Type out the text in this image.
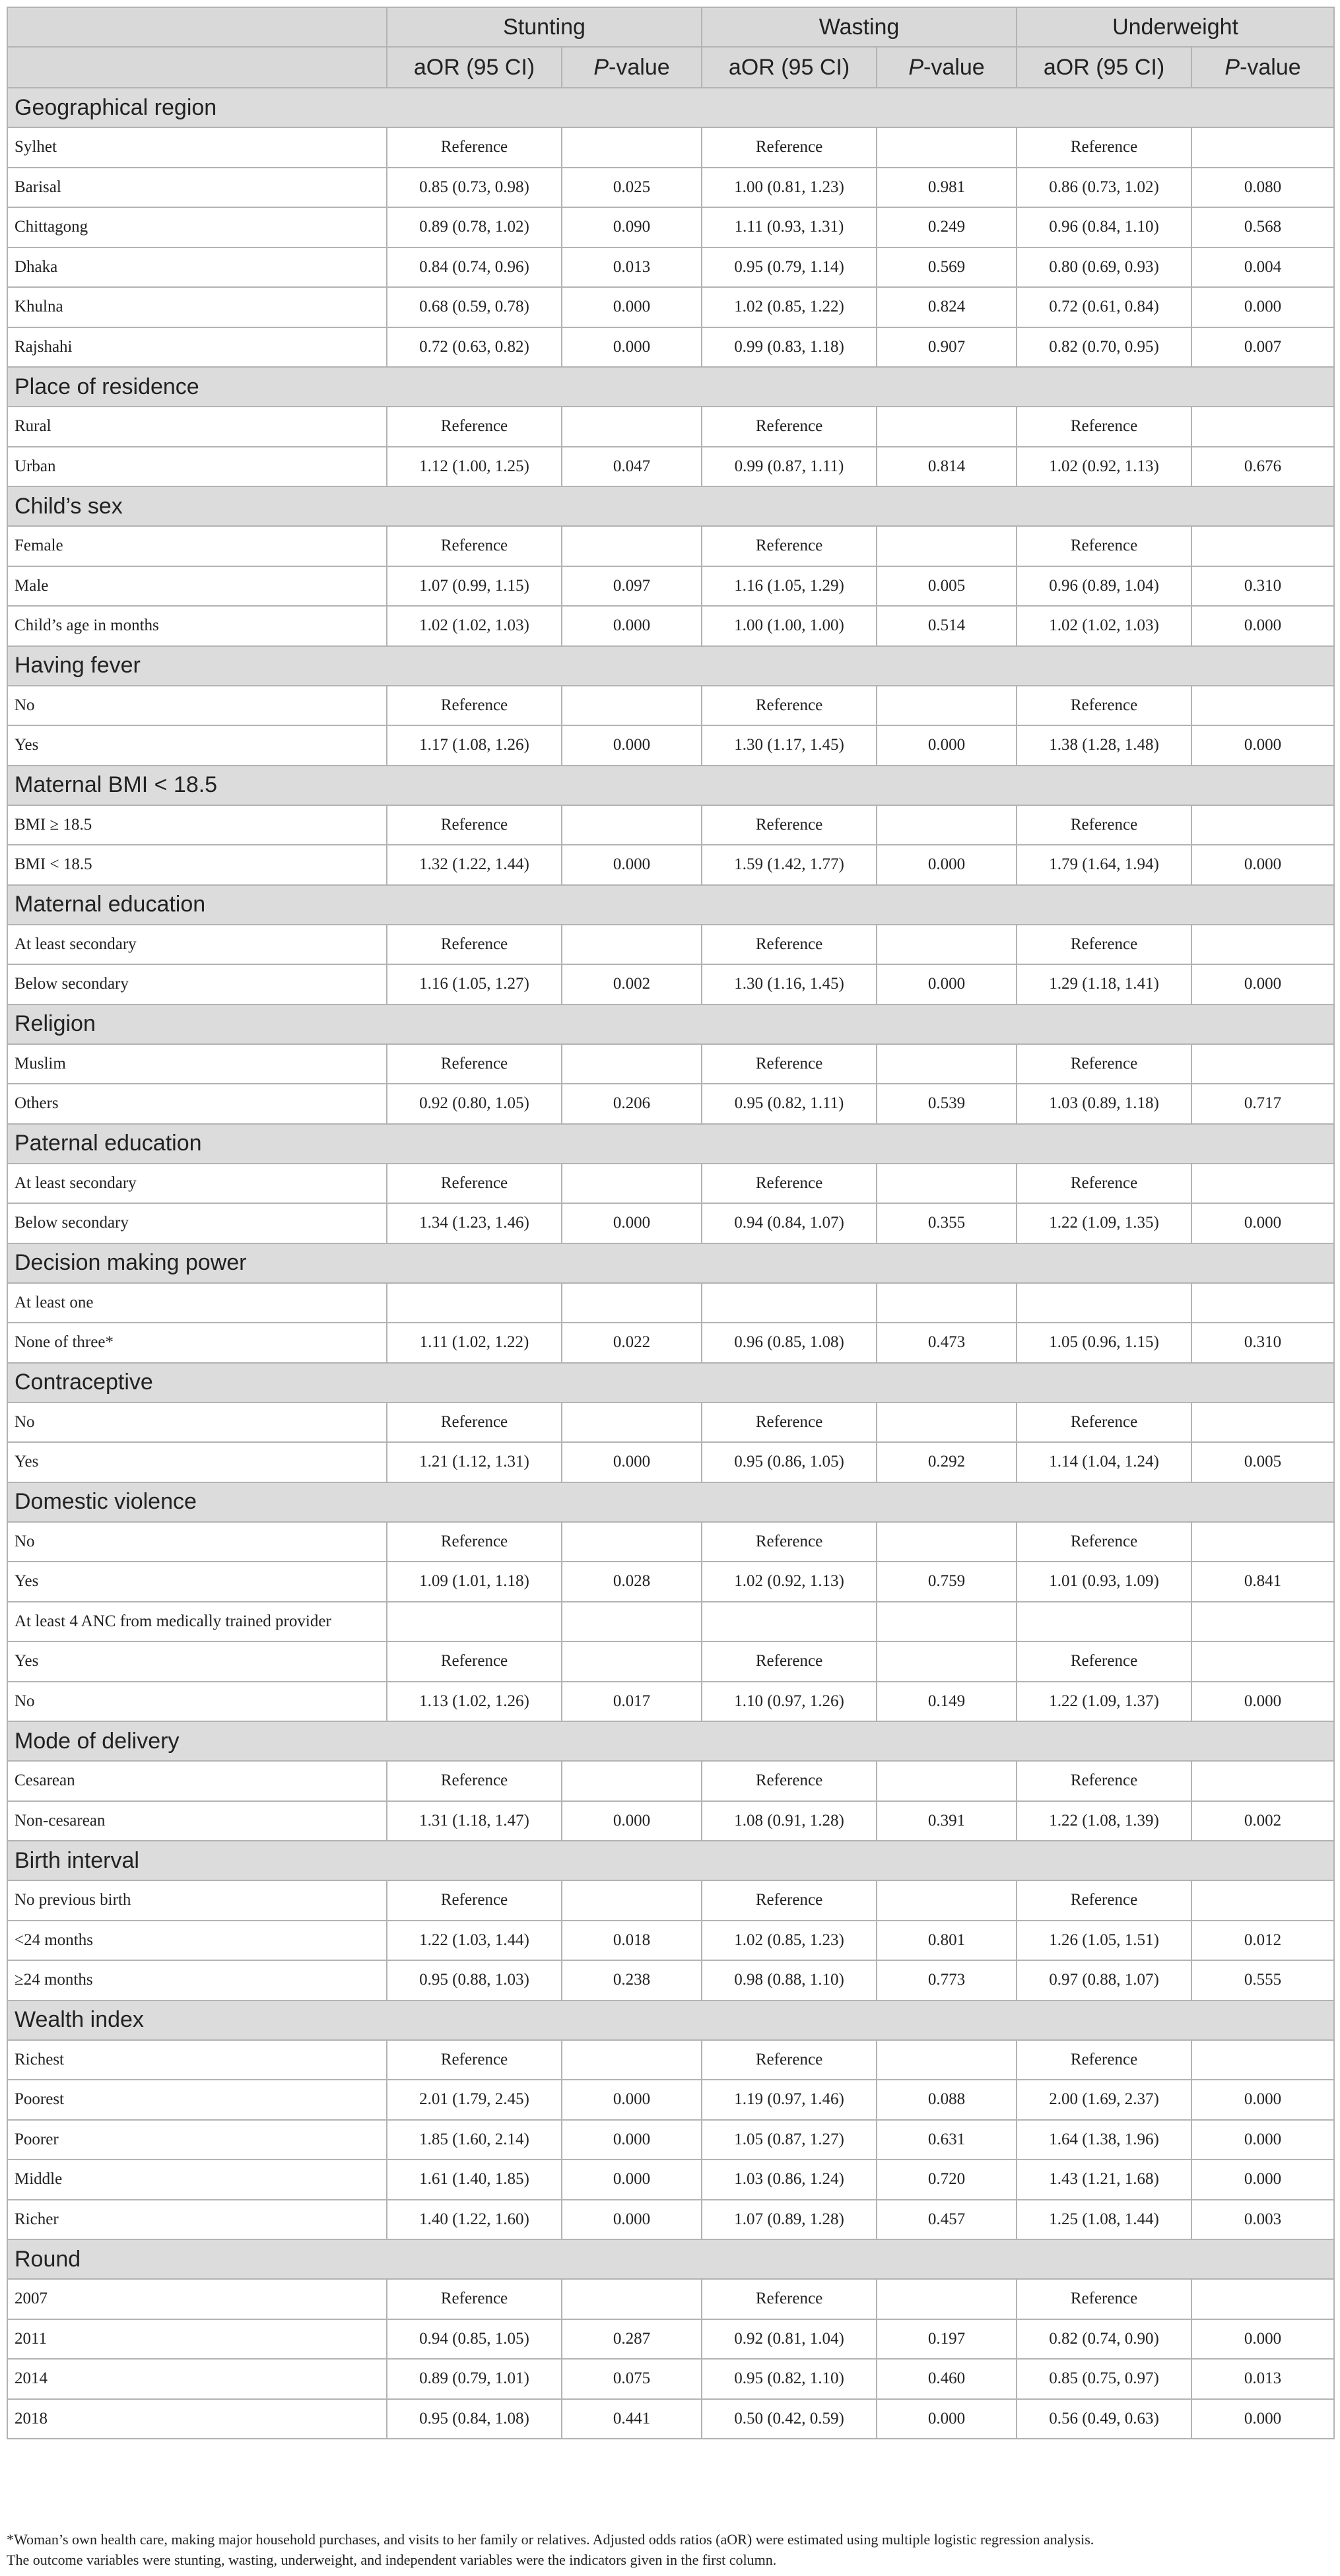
	Stunting		Wasting		Underweight	
	aOR (95 CI)	P-value	aOR (95 CI)	P-value	aOR (95 CI)	P-value
Geographical region						
Sylhet	Reference		Reference		Reference	
Barisal	0.85 (0.73, 0.98)	0.025	1.00 (0.81, 1.23)	0.981	0.86 (0.73, 1.02)	0.080
Chittagong	0.89 (0.78, 1.02)	0.090	1.11 (0.93, 1.31)	0.249	0.96 (0.84, 1.10)	0.568
Dhaka	0.84 (0.74, 0.96)	0.013	0.95 (0.79, 1.14)	0.569	0.80 (0.69, 0.93)	0.004
Khulna	0.68 (0.59, 0.78)	0.000	1.02 (0.85, 1.22)	0.824	0.72 (0.61, 0.84)	0.000
Rajshahi	0.72 (0.63, 0.82)	0.000	0.99 (0.83, 1.18)	0.907	0.82 (0.70, 0.95)	0.007
Place of residence						
Rural	Reference		Reference		Reference	
Urban	1.12 (1.00, 1.25)	0.047	0.99 (0.87, 1.11)	0.814	1.02 (0.92, 1.13)	0.676
Child’s sex						
Female	Reference		Reference		Reference	
Male	1.07 (0.99, 1.15)	0.097	1.16 (1.05, 1.29)	0.005	0.96 (0.89, 1.04)	0.310
Child’s age in months	1.02 (1.02, 1.03)	0.000	1.00 (1.00, 1.00)	0.514	1.02 (1.02, 1.03)	0.000
Having fever						
No	Reference		Reference		Reference	
Yes	1.17 (1.08, 1.26)	0.000	1.30 (1.17, 1.45)	0.000	1.38 (1.28, 1.48)	0.000
Maternal BMI < 18.5						
BMI ≥ 18.5	Reference		Reference		Reference	
BMI < 18.5	1.32 (1.22, 1.44)	0.000	1.59 (1.42, 1.77)	0.000	1.79 (1.64, 1.94)	0.000
Maternal education						
At least secondary	Reference		Reference		Reference	
Below secondary	1.16 (1.05, 1.27)	0.002	1.30 (1.16, 1.45)	0.000	1.29 (1.18, 1.41)	0.000
Religion						
Muslim	Reference		Reference		Reference	
Others	0.92 (0.80, 1.05)	0.206	0.95 (0.82, 1.11)	0.539	1.03 (0.89, 1.18)	0.717
Paternal education						
At least secondary	Reference		Reference		Reference	
Below secondary	1.34 (1.23, 1.46)	0.000	0.94 (0.84, 1.07)	0.355	1.22 (1.09, 1.35)	0.000
Decision making power						
At least one						
None of three*	1.11 (1.02, 1.22)	0.022	0.96 (0.85, 1.08)	0.473	1.05 (0.96, 1.15)	0.310
Contraceptive						
No	Reference		Reference		Reference	
Yes	1.21 (1.12, 1.31)	0.000	0.95 (0.86, 1.05)	0.292	1.14 (1.04, 1.24)	0.005
Domestic violence						
No	Reference		Reference		Reference	
Yes	1.09 (1.01, 1.18)	0.028	1.02 (0.92, 1.13)	0.759	1.01 (0.93, 1.09)	0.841
At least 4 ANC from medically trained provider						
Yes	Reference		Reference		Reference	
No	1.13 (1.02, 1.26)	0.017	1.10 (0.97, 1.26)	0.149	1.22 (1.09, 1.37)	0.000
Mode of delivery						
Cesarean	Reference		Reference		Reference	
Non-cesarean	1.31 (1.18, 1.47)	0.000	1.08 (0.91, 1.28)	0.391	1.22 (1.08, 1.39)	0.002
Birth interval						
No previous birth	Reference		Reference		Reference	
<24 months	1.22 (1.03, 1.44)	0.018	1.02 (0.85, 1.23)	0.801	1.26 (1.05, 1.51)	0.012
≥24 months	0.95 (0.88, 1.03)	0.238	0.98 (0.88, 1.10)	0.773	0.97 (0.88, 1.07)	0.555
Wealth index						
Richest	Reference		Reference		Reference	
Poorest	2.01 (1.79, 2.45)	0.000	1.19 (0.97, 1.46)	0.088	2.00 (1.69, 2.37)	0.000
Poorer	1.85 (1.60, 2.14)	0.000	1.05 (0.87, 1.27)	0.631	1.64 (1.38, 1.96)	0.000
Middle	1.61 (1.40, 1.85)	0.000	1.03 (0.86, 1.24)	0.720	1.43 (1.21, 1.68)	0.000
Richer	1.40 (1.22, 1.60)	0.000	1.07 (0.89, 1.28)	0.457	1.25 (1.08, 1.44)	0.003
Round						
2007	Reference		Reference		Reference	
2011	0.94 (0.85, 1.05)	0.287	0.92 (0.81, 1.04)	0.197	0.82 (0.74, 0.90)	0.000
2014	0.89 (0.79, 1.01)	0.075	0.95 (0.82, 1.10)	0.460	0.85 (0.75, 0.97)	0.013
2018	0.95 (0.84, 1.08)	0.441	0.50 (0.42, 0.59)	0.000	0.56 (0.49, 0.63)	0.000
*Woman’s own health care, making major household purchases, and visits to her family or relatives. Adjusted odds ratios (aOR) were estimated using multiple logistic regression analysis.
The outcome variables were stunting, wasting, underweight, and independent variables were the indicators given in the first column.
